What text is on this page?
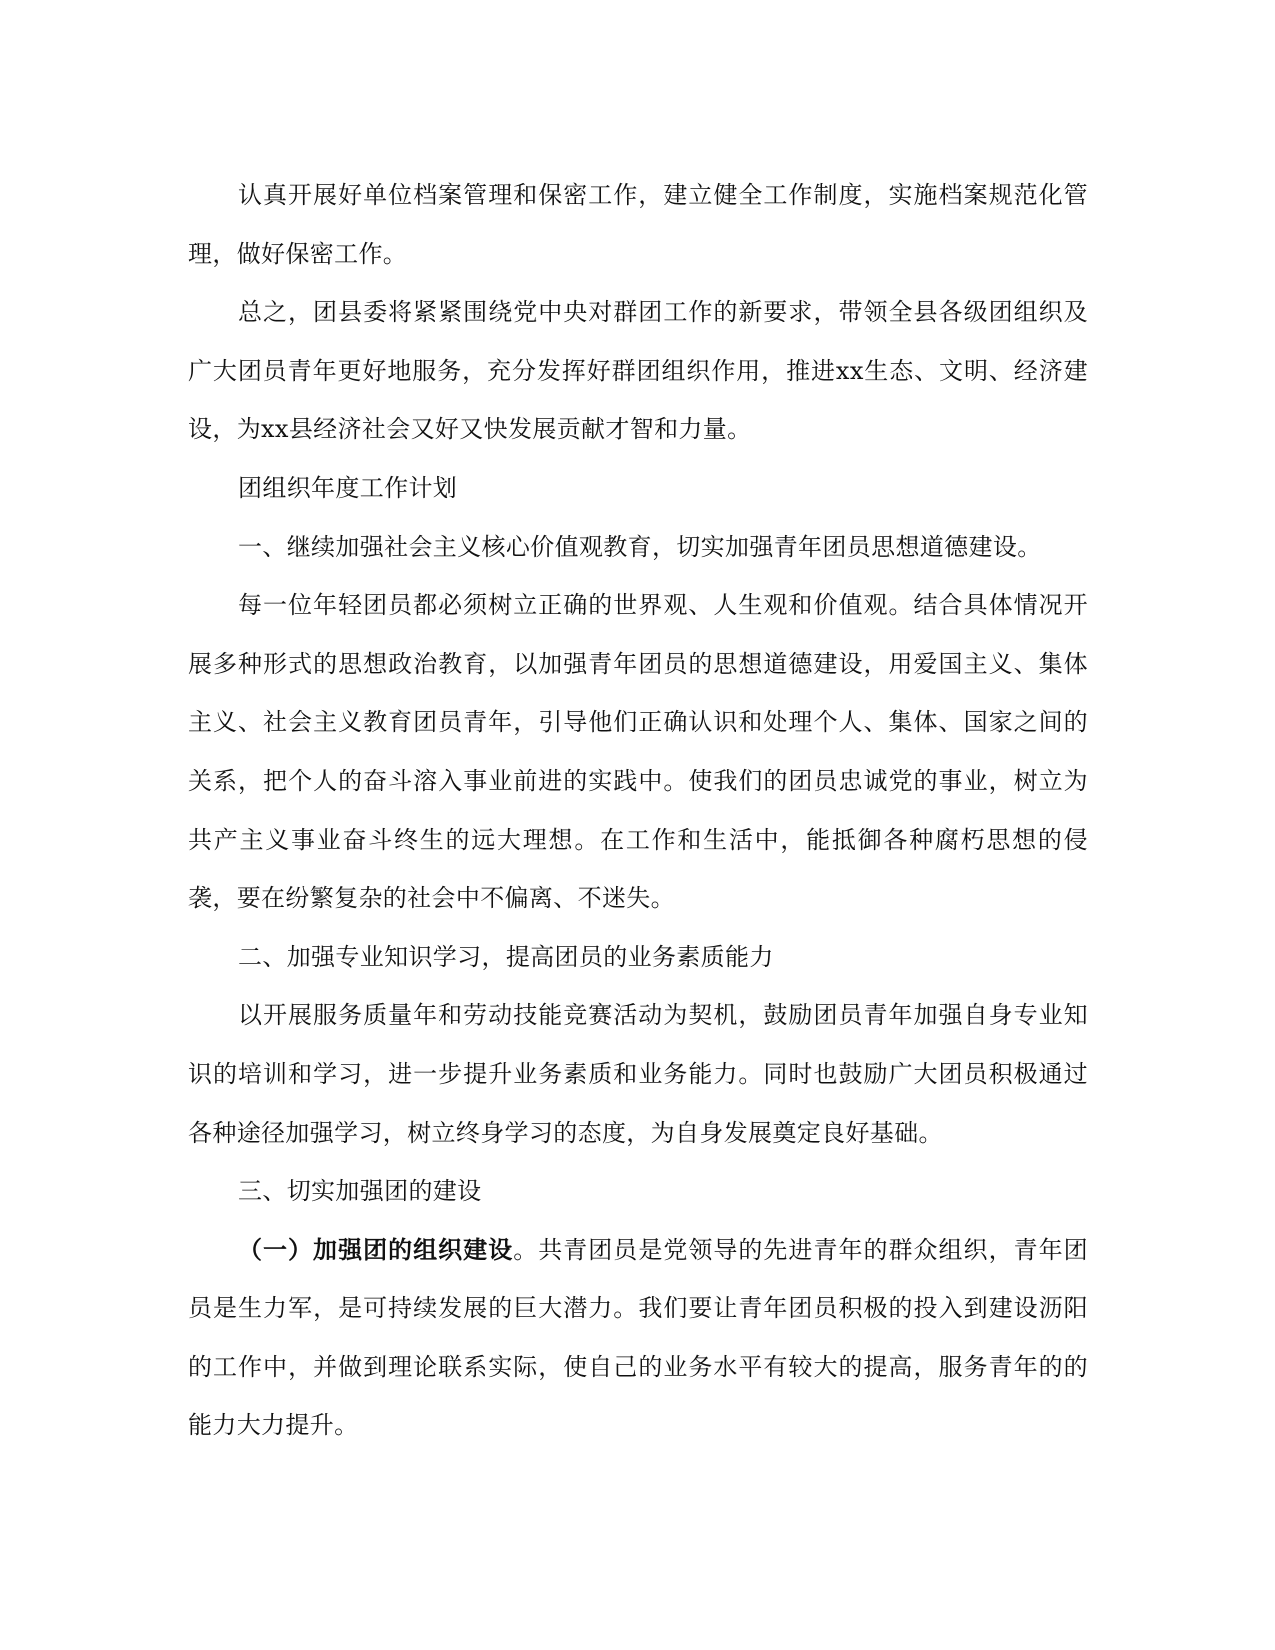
认真开展好单位档案管理和保密工作，建立健全工作制度，实施档案规范化管理，做好保密工作。

总之，团县委将紧紧围绕党中央对群团工作的新要求，带领全县各级团组织及广大团员青年更好地服务，充分发挥好群团组织作用，推进xx生态、文明、经济建设，为xx县经济社会又好又快发展贡献才智和力量。

团组织年度工作计划

一、继续加强社会主义核心价值观教育，切实加强青年团员思想道德建设。

每一位年轻团员都必须树立正确的世界观、人生观和价值观。结合具体情况开展多种形式的思想政治教育，以加强青年团员的思想道德建设，用爱国主义、集体主义、社会主义教育团员青年，引导他们正确认识和处理个人、集体、国家之间的关系，把个人的奋斗溶入事业前进的实践中。使我们的团员忠诚党的事业，树立为共产主义事业奋斗终生的远大理想。在工作和生活中，能抵御各种腐朽思想的侵袭，要在纷繁复杂的社会中不偏离、不迷失。

二、加强专业知识学习，提高团员的业务素质能力

以开展服务质量年和劳动技能竞赛活动为契机，鼓励团员青年加强自身专业知识的培训和学习，进一步提升业务素质和业务能力。同时也鼓励广大团员积极通过各种途径加强学习，树立终身学习的态度，为自身发展奠定良好基础。

三、切实加强团的建设

（一）加强团的组织建设。共青团员是党领导的先进青年的群众组织，青年团员是生力军，是可持续发展的巨大潜力。我们要让青年团员积极的投入到建设沥阳的工作中，并做到理论联系实际，使自己的业务水平有较大的提高，服务青年的的能力大力提升。
